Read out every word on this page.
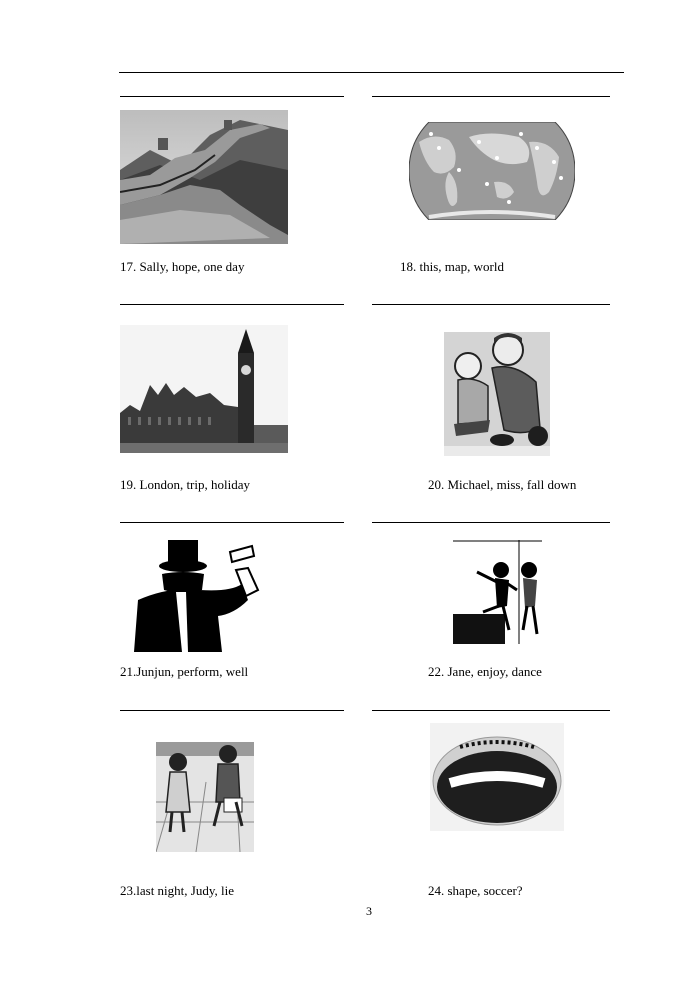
17. Sally, hope, one day	18. this, map, world
19. London, trip, holiday	20. Michael, miss, fall down
21.Junjun, perform, well	22. Jane, enjoy, dance
23.last night, Judy, lie	24. shape, soccer?
3
